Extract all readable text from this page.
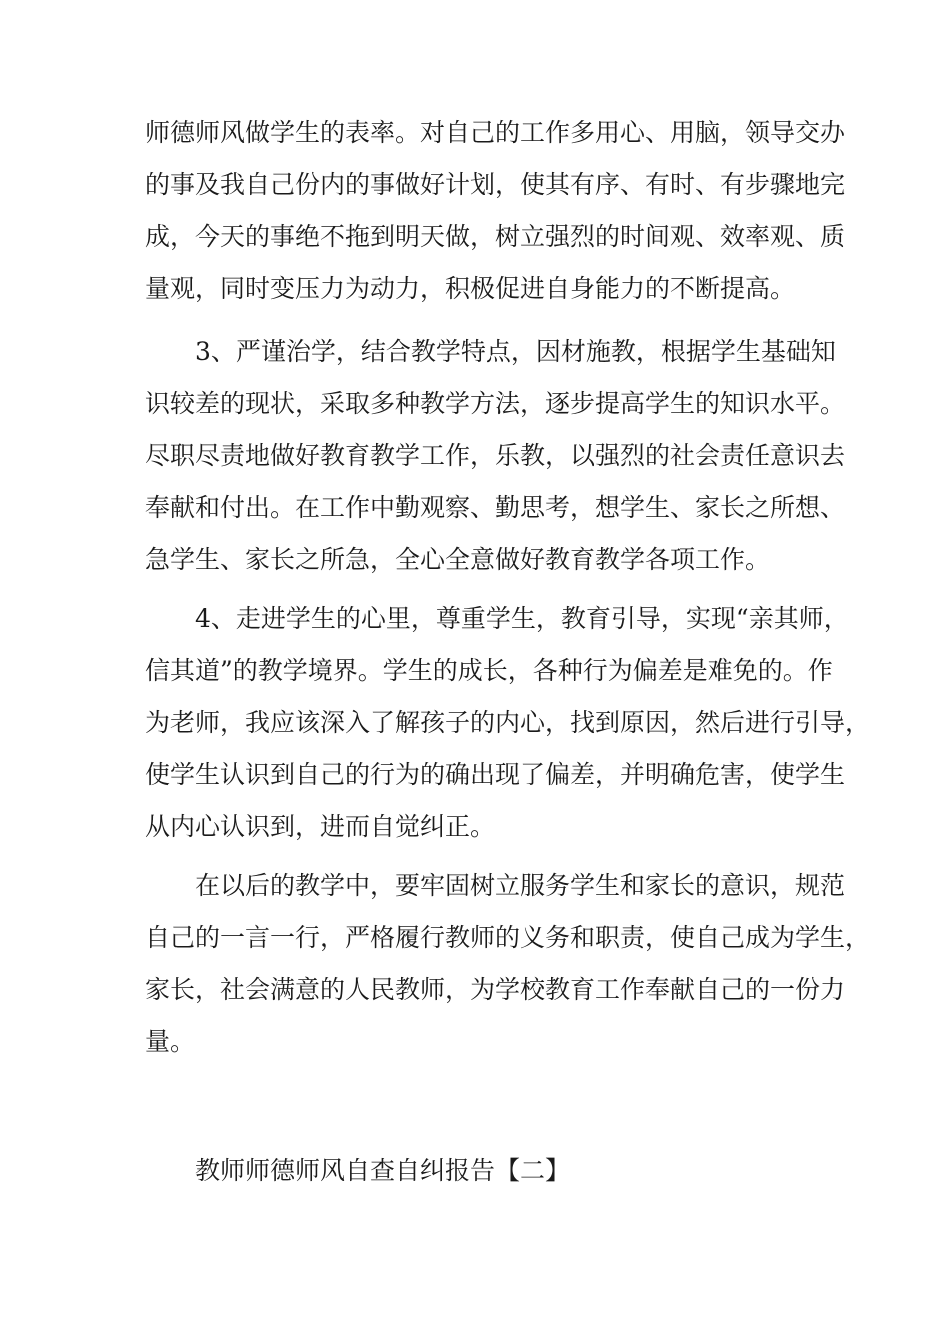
师德师风做学生的表率。对自己的工作多用心、用脑，领导交办
的事及我自己份内的事做好计划，使其有序、有时、有步骤地完
成，今天的事绝不拖到明天做，树立强烈的时间观、效率观、质
量观，同时变压力为动力，积极促进自身能力的不断提高。
3、严谨治学，结合教学特点，因材施教，根据学生基础知
识较差的现状，采取多种教学方法，逐步提高学生的知识水平。
尽职尽责地做好教育教学工作，乐教，以强烈的社会责任意识去
奉献和付出。在工作中勤观察、勤思考，想学生、家长之所想、
急学生、家长之所急，全心全意做好教育教学各项工作。
4、走进学生的心里，尊重学生，教育引导，实现“亲其师，
信其道”的教学境界。学生的成长，各种行为偏差是难免的。作
为老师，我应该深入了解孩子的内心，找到原因，然后进行引导，
使学生认识到自己的行为的确出现了偏差，并明确危害，使学生
从内心认识到，进而自觉纠正。
在以后的教学中，要牢固树立服务学生和家长的意识，规范
自己的一言一行，严格履行教师的义务和职责，使自己成为学生，
家长，社会满意的人民教师，为学校教育工作奉献自己的一份力
量。
教师师德师风自查自纠报告【二】
